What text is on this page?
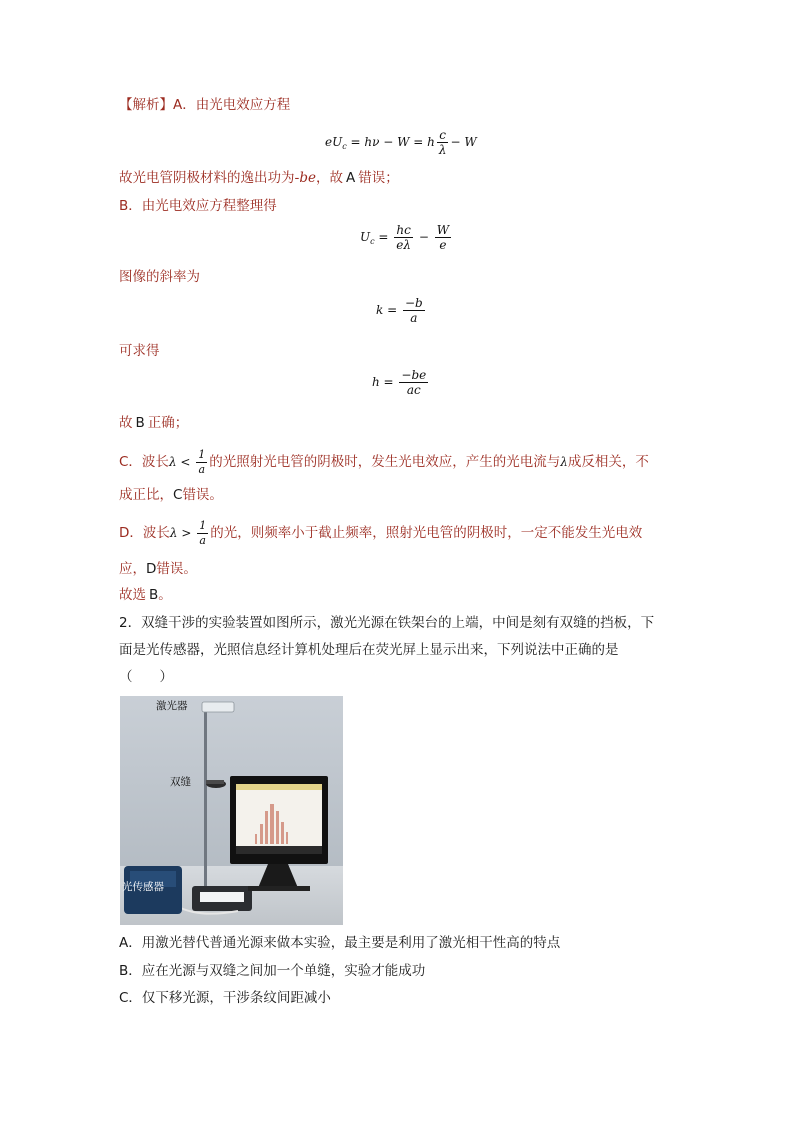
【解析】A．由光电效应方程
$eU_c = h\nu - W = h \frac{c}{\lambda} - W$
故光电管阴极材料的逸出功为-be，故 A 错误；
B．由光电效应方程整理得
$U_c = \frac{hc}{e\lambda} - \frac{W}{e}$
图像的斜率为
$k = \frac{-b}{a}$
可求得
$h = \frac{-be}{ac}$
故 B 正确；
C．波长$\lambda < \frac{1}{a}$ 的光照射光电管的阴极时，发生光电效应，产生的光电流与λ成反相关，不
成正比，C错误。
D．波长$\lambda > \frac{1}{a}$ 的光，则频率小于截止频率，照射光电管的阴极时，一定不能发生光电效
应，D错误。
故选 B。
2．双缝干涉的实验装置如图所示，激光光源在铁架台的上端，中间是刻有双缝的挡板，下
面是光传感器，光照信息经计算机处理后在荧光屏上显示出来，下列说法中正确的是
（　　）
激光器
双缝
光传感器
A．用激光替代普通光源来做本实验，最主要是利用了激光相干性高的特点
B．应在光源与双缝之间加一个单缝，实验才能成功
C．仅下移光源，干涉条纹间距减小
